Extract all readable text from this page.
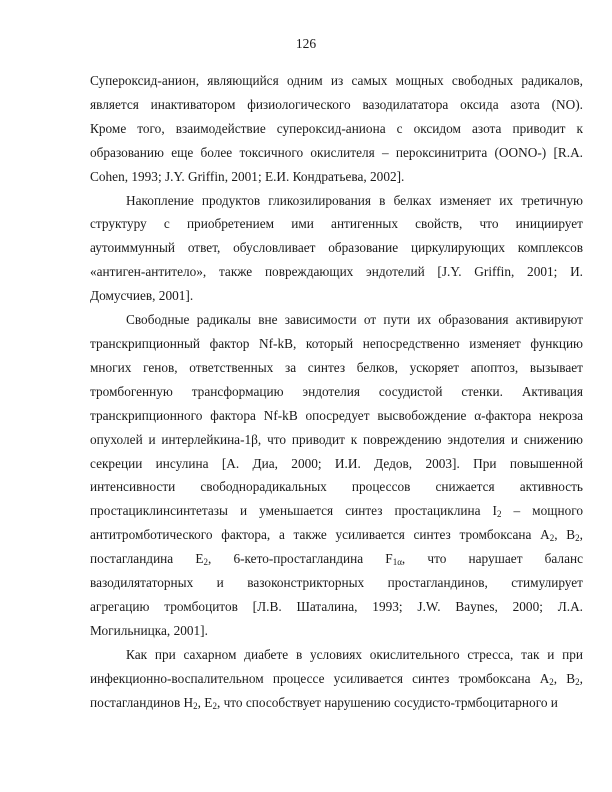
126
Супероксид-анион, являющийся одним из самых мощных свободных радикалов,
является инактиватором физиологического вазодилататора оксида азота (NO).
Кроме того, взаимодействие супероксид-аниона с оксидом азота приводит к
образованию еще более токсичного окислителя – пероксинитрита (OONO-) [R.A.
Cohen, 1993; J.Y. Griffin, 2001; Е.И. Кондратьева, 2002].
Накопление продуктов гликозилирования в белках изменяет их третичную
структуру с приобретением ими антигенных свойств, что инициирует
аутоиммунный ответ, обусловливает образование циркулирующих комплексов
«антиген-антитело», также повреждающих эндотелий [J.Y. Griffin, 2001; И.
Домусчиев, 2001].
Свободные радикалы вне зависимости от пути их образования активируют
транскрипционный фактор Nf-kB, который непосредственно изменяет функцию
многих генов, ответственных за синтез белков, ускоряет апоптоз, вызывает
тромбогенную трансформацию эндотелия сосудистой стенки. Активация
транскрипционного фактора Nf-kB опосредует высвобождение α-фактора некроза
опухолей и интерлейкина-1β, что приводит к повреждению эндотелия и снижению
секреции инсулина [А. Диа, 2000; И.И. Дедов, 2003]. При повышенной
интенсивности свободнорадикальных процессов снижается активность
простациклинсинтетазы и уменьшается синтез простациклина $I_2$ – мощного
антитромботического фактора, а также усиливается синтез тромбоксана $A_2$, $B_2$,
постагландина $E_2$, 6-кето-простагландина $F_{1\alpha}$, что нарушает баланс
вазодилятаторных и вазоконстрикторных простагландинов, стимулирует
агрегацию тромбоцитов [Л.В. Шаталина, 1993; J.W. Baynes, 2000; Л.А.
Могильницка, 2001].
Как при сахарном диабете в условиях окислительного стресса, так и при
инфекционно-воспалительном процессе усиливается синтез тромбоксана $A_2$, $B_2$,
постагландинов $H_2$, $E_2$, что способствует нарушению сосудисто-трмбоцитарного и
